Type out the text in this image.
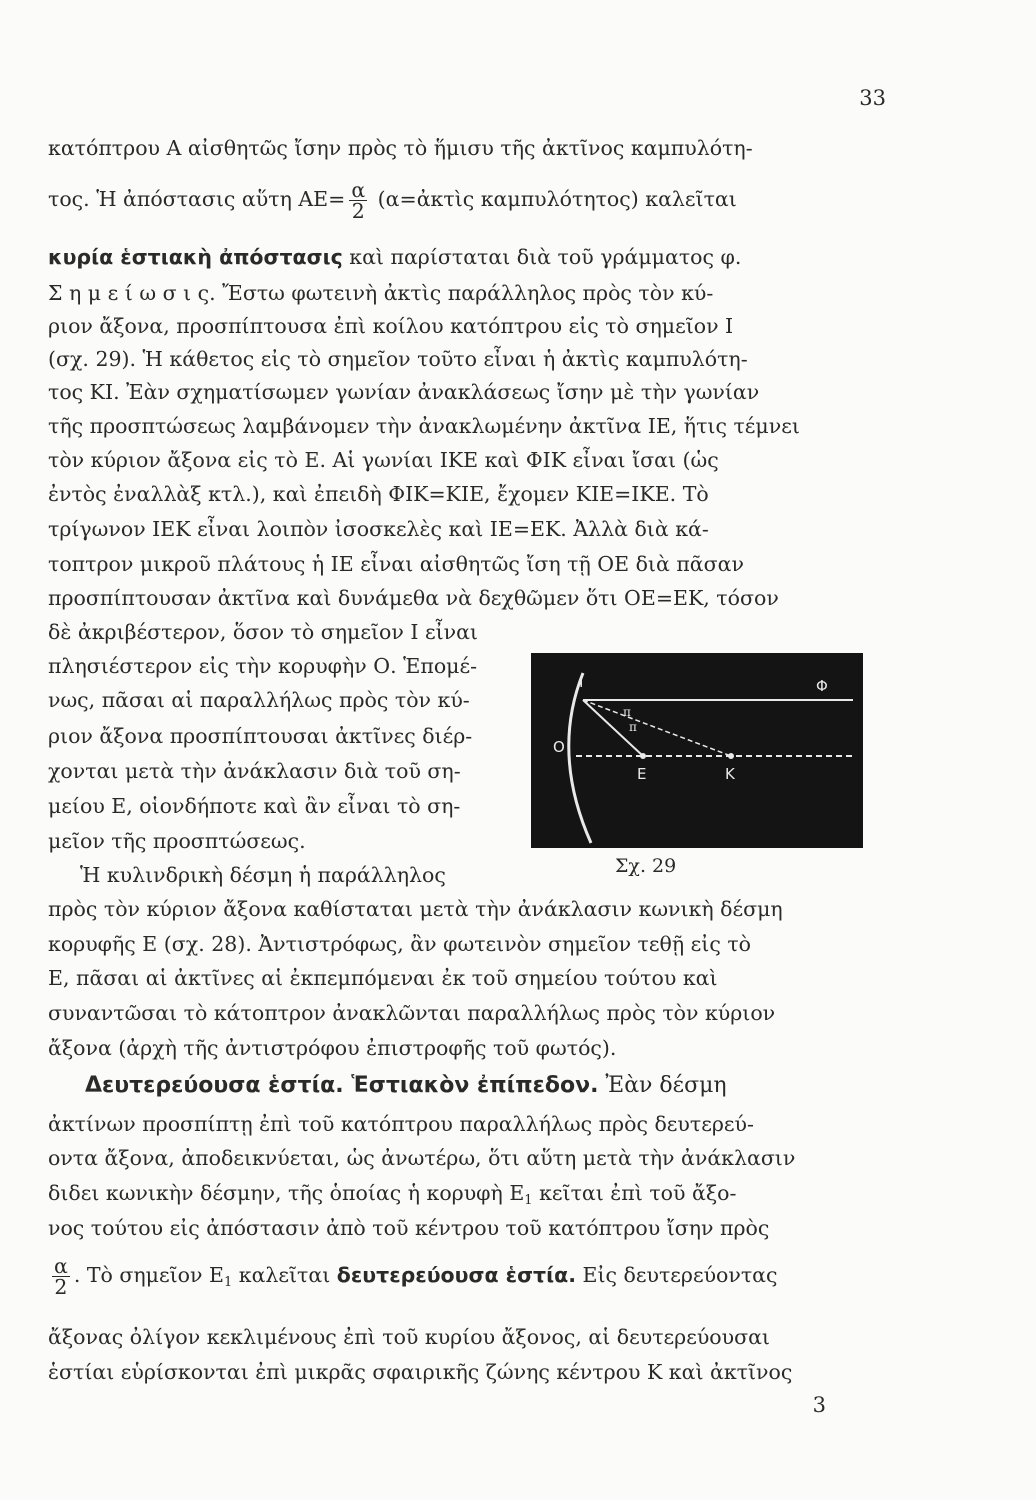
33
κατόπτρου Α αἰσθητῶς ἴσην πρὸς τὸ ἥμισυ τῆς ἀκτῖνος καμπυλότη-
τος. Ἡ ἀπόστασις αὕτη $AE= \frac{\alpha}{2}$ (α=ἀκτὶς καμπυλότητος) καλεῖται
κυρία ἑστιακὴ ἀπόστασις καὶ παρίσταται διὰ τοῦ γράμματος φ.
Σ η μ ε ί ω σ ι ς. Ἔστω φωτεινὴ ἀκτὶς παράλληλος πρὸς τὸν κύ-
ριον ἄξονα, προσπίπτουσα ἐπὶ κοίλου κατόπτρου εἰς τὸ σημεῖον Ι
(σχ. 29). Ἡ κάθετος εἰς τὸ σημεῖον τοῦτο εἶναι ἡ ἀκτὶς καμπυλότη-
τος ΚΙ. Ἐὰν σχηματίσωμεν γωνίαν ἀνακλάσεως ἴσην μὲ τὴν γωνίαν
τῆς προσπτώσεως λαμβάνομεν τὴν ἀνακλωμένην ἀκτῖνα ΙΕ, ἥτις τέμνει
τὸν κύριον ἄξονα εἰς τὸ Ε. Αἱ γωνίαι ΙΚΕ καὶ ΦΙΚ εἶναι ἴσαι (ὡς
ἐντὸς ἐναλλὰξ κτλ.), καὶ ἐπειδὴ ΦΙΚ=ΚΙΕ, ἔχομεν ΚΙΕ=ΙΚΕ. Τὸ
τρίγωνον ΙΕΚ εἶναι λοιπὸν ἰσοσκελὲς καὶ ΙΕ=ΕΚ. Ἀλλὰ διὰ κά-
τοπτρον μικροῦ πλάτους ἡ ΙΕ εἶναι αἰσθητῶς ἴση τῇ ΟΕ διὰ πᾶσαν
προσπίπτουσαν ἀκτῖνα καὶ δυνάμεθα νὰ δεχθῶμεν ὅτι ΟΕ=ΕΚ, τόσον
δὲ ἀκριβέστερον, ὅσον τὸ σημεῖον Ι εἶναι
πλησιέστερον εἰς τὴν κορυφὴν Ο. Ἑπομέ-
νως, πᾶσαι αἱ παραλλήλως πρὸς τὸν κύ-
ριον ἄξονα προσπίπτουσαι ἀκτῖνες διέρ-
χονται μετὰ τὴν ἀνάκλασιν διὰ τοῦ ση-
μείου Ε, οἱονδήποτε καὶ ἂν εἶναι τὸ ση-
μεῖον τῆς προσπτώσεως.
Ἡ κυλινδρικὴ δέσμη ἡ παράλληλος
πρὸς τὸν κύριον ἄξονα καθίσταται μετὰ τὴν ἀνάκλασιν κωνικὴ δέσμη
κορυφῆς Ε (σχ. 28). Ἀντιστρόφως, ἂν φωτεινὸν σημεῖον τεθῇ εἰς τὸ
Ε, πᾶσαι αἱ ἀκτῖνες αἱ ἐκπεμπόμεναι ἐκ τοῦ σημείου τούτου καὶ
συναντῶσαι τὸ κάτοπτρον ἀνακλῶνται παραλλήλως πρὸς τὸν κύριον
ἄξονα (ἀρχὴ τῆς ἀντιστρόφου ἐπιστροφῆς τοῦ φωτός).
Δευτερεύουσα ἑστία. Ἑστιακὸν ἐπίπεδον. Ἐὰν δέσμη
ἀκτίνων προσπίπτῃ ἐπὶ τοῦ κατόπτρου παραλλήλως πρὸς δευτερεύ-
οντα ἄξονα, ἀποδεικνύεται, ὡς ἀνωτέρω, ὅτι αὕτη μετὰ τὴν ἀνάκλασιν
διδει κωνικὴν δέσμην, τῆς ὁποίας ἡ κορυφὴ $E_1$ κεῖται ἐπὶ τοῦ ἄξο-
νος τούτου εἰς ἀπόστασιν ἀπὸ τοῦ κέντρου τοῦ κατόπτρου ἴσην πρὸς
$\frac{\alpha}{2}$ . Τὸ σημεῖον $E_1$ καλεῖται δευτερεύουσα ἑστία. Εἰς δευτερεύοντας
ἄξονας ὀλίγον κεκλιμένους ἐπὶ τοῦ κυρίου ἄξονος, αἱ δευτερεύουσαι
ἑστίαι εὑρίσκονται ἐπὶ μικρᾶς σφαιρικῆς ζώνης κέντρου Κ καὶ ἀκτῖνος
3
I
O
E	K
Φ
π
π
Σχ. 29
